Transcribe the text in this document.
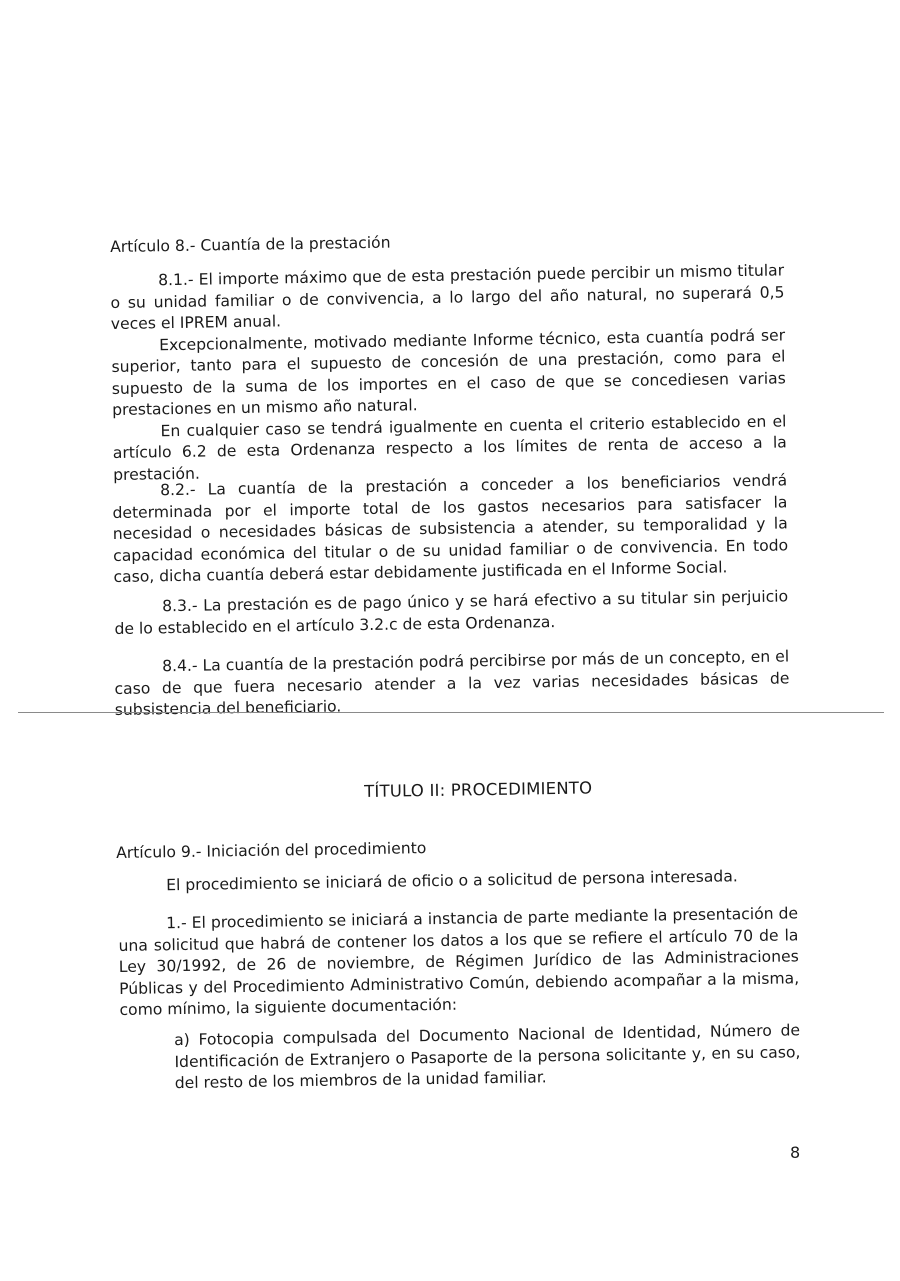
Artículo 8.- Cuantía de la prestación

8.1.- El importe máximo que de esta prestación puede percibir un mismo titular o su unidad familiar o de convivencia, a lo largo del año natural, no superará 0,5 veces el IPREM anual.

Excepcionalmente, motivado mediante Informe técnico, esta cuantía podrá ser superior, tanto para el supuesto de concesión de una prestación, como para el supuesto de la suma de los importes en el caso de que se concediesen varias prestaciones en un mismo año natural.

En cualquier caso se tendrá igualmente en cuenta el criterio establecido en el artículo 6.2 de esta Ordenanza respecto a los límites de renta de acceso a la prestación.

8.2.- La cuantía de la prestación a conceder a los beneficiarios vendrá determinada por el importe total de los gastos necesarios para satisfacer la necesidad o necesidades básicas de subsistencia a atender, su temporalidad y la capacidad económica del titular o de su unidad familiar o de convivencia. En todo caso, dicha cuantía deberá estar debidamente justificada en el Informe Social.

8.3.- La prestación es de pago único y se hará efectivo a su titular sin perjuicio de lo establecido en el artículo 3.2.c de esta Ordenanza.

8.4.- La cuantía de la prestación podrá percibirse por más de un concepto, en el caso de que fuera necesario atender a la vez varias necesidades básicas de subsistencia del beneficiario.

TÍTULO II: PROCEDIMIENTO
Artículo 9.- Iniciación del procedimiento

El procedimiento se iniciará de oficio o a solicitud de persona interesada.

1.- El procedimiento se iniciará a instancia de parte mediante la presentación de una solicitud que habrá de contener los datos a los que se refiere el artículo 70 de la Ley 30/1992, de 26 de noviembre, de Régimen Jurídico de las Administraciones Públicas y del Procedimiento Administrativo Común, debiendo acompañar a la misma, como mínimo, la siguiente documentación:

a) Fotocopia compulsada del Documento Nacional de Identidad, Número de Identificación de Extranjero o Pasaporte de la persona solicitante y, en su caso, del resto de los miembros de la unidad familiar.

8
